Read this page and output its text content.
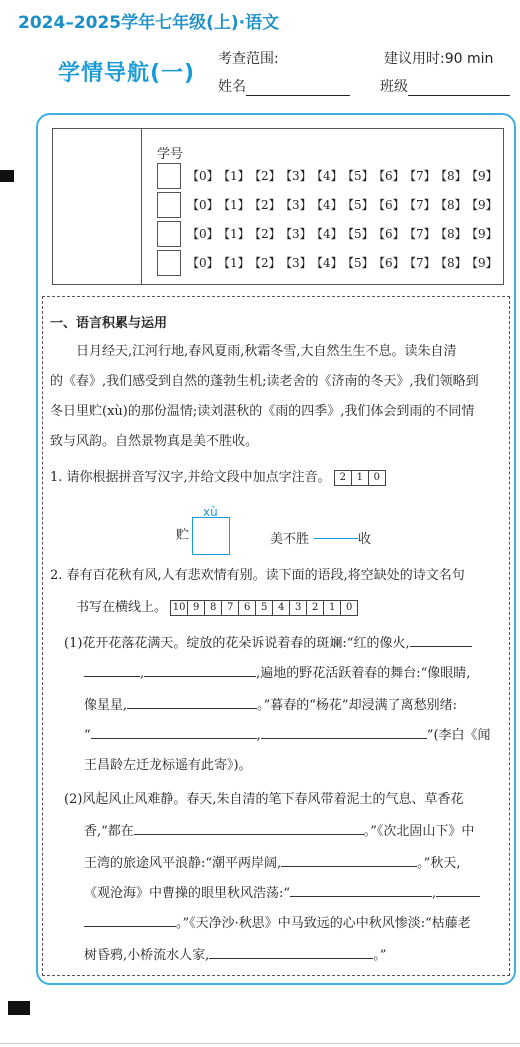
2024–2025学年七年级(上)·语文
学情导航(一)
考查范围:	建议用时:90 min
姓名	班级
学号
【0】 【1】 【2】 【3】 【4】 【5】 【6】 【7】 【8】 【9】
【0】 【1】 【2】 【3】 【4】 【5】 【6】 【7】 【8】 【9】
【0】 【1】 【2】 【3】 【4】 【5】 【6】 【7】 【8】 【9】
【0】 【1】 【2】 【3】 【4】 【5】 【6】 【7】 【8】 【9】
一、语言积累与运用
日月经天,江河行地,春风夏雨,秋霜冬雪,大自然生生不息。读朱自清
的《春》,我们感受到自然的蓬勃生机;读老舍的《济南的冬天》,我们领略到
冬日里贮(xù)的那份温情;读刘湛秋的《雨的四季》,我们体会到雨的不同情
致与风韵。自然景物真是美不胜收。
1. 请你根据拼音写汉字,并给文段中加点字注音。 2 1 0
xù
贮	美不胜	收
2. 春有百花秋有风,人有悲欢情有别。读下面的语段,将空缺处的诗文名句
书写在横线上。 10 9 8 7 6 5 4 3 2 1 0
(1)花开花落花满天。绽放的花朵诉说着春的斑斓:“红的像火,
,	,遍地的野花活跃着春的舞台:“像眼睛,
像星星,	。”暮春的“杨花”却浸满了离愁别绪:
“	,	”(李白《闻
王昌龄左迁龙标遥有此寄》)。
(2)风起风止风难静。春天,朱自清的笔下春风带着泥土的气息、草香花
香,“都在	。”《次北固山下》中
王湾的旅途风平浪静:“潮平两岸阔,	。”秋天,
《观沧海》中曹操的眼里秋风浩荡:“	,
。”《天净沙·秋思》中马致远的心中秋风惨淡:“枯藤老
树昏鸦,小桥流水人家,	。”
